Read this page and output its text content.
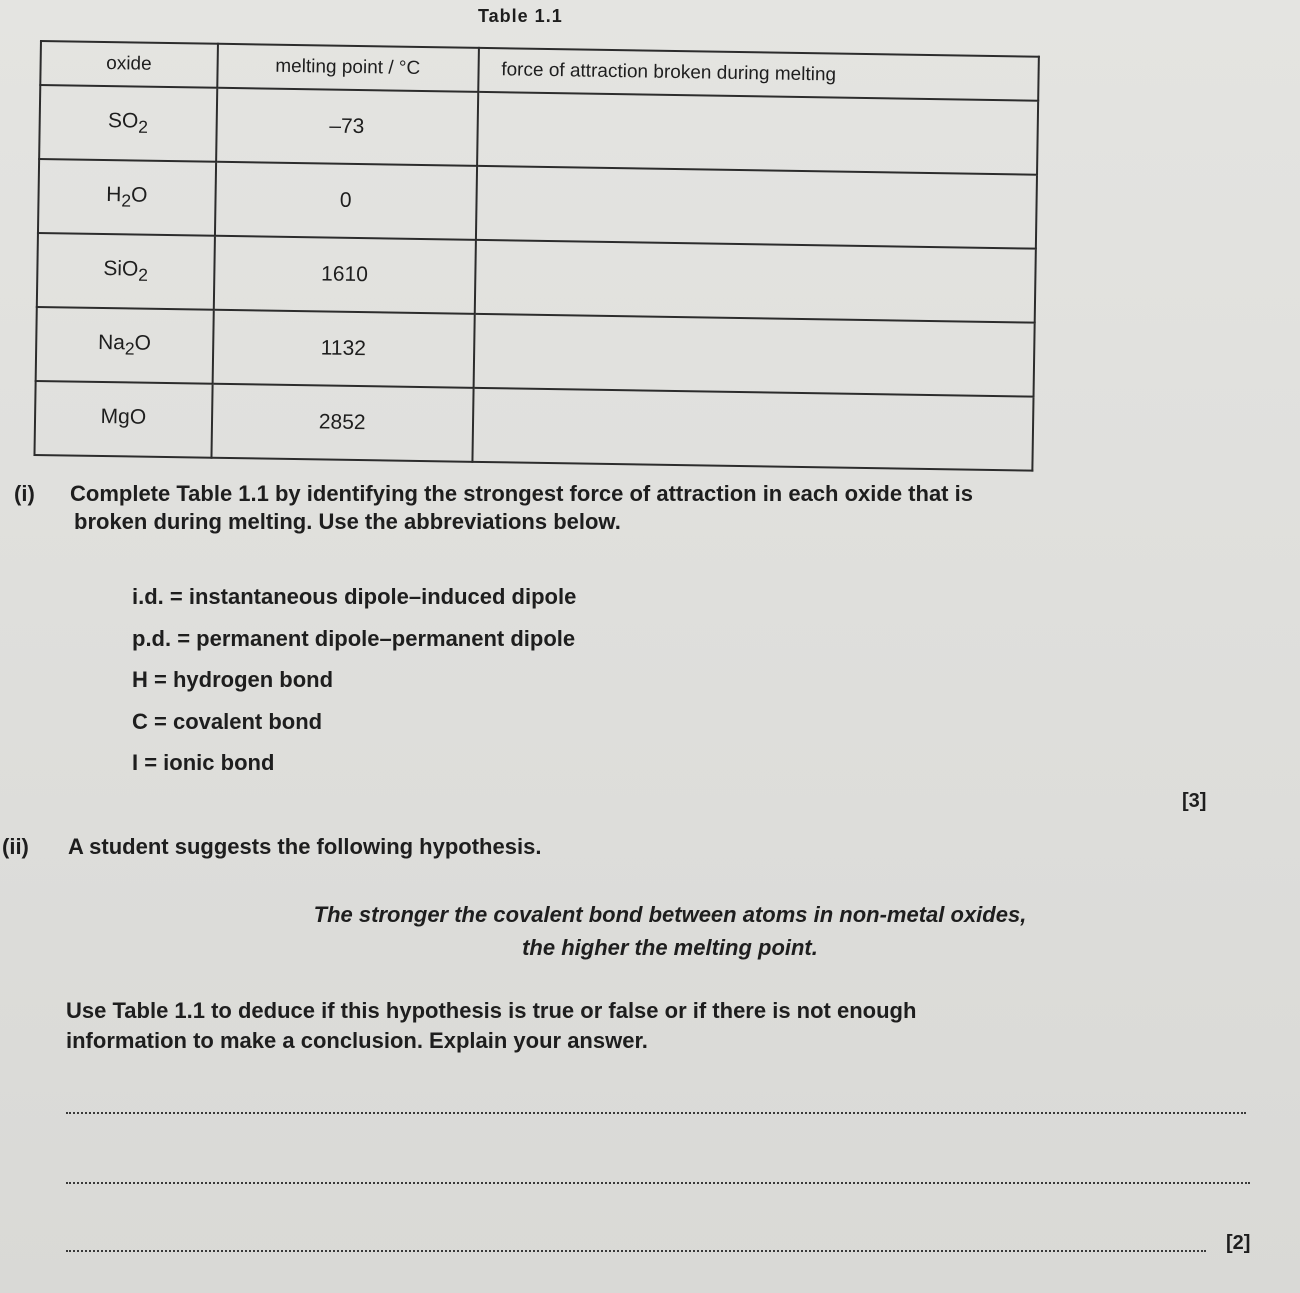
Table 1.1
oxide	melting point / °C	force of attraction broken during melting
$SO_2$	–73	
$H_2O$	0	
SiO$_2$	1610	
$Na_2O$	1132	
MgO	2852	
(i) Complete Table 1.1 by identifying the strongest force of attraction in each oxide that is
broken during melting. Use the abbreviations below.
i.d. = instantaneous dipole–induced dipole
p.d. = permanent dipole–permanent dipole
H = hydrogen bond
C = covalent bond
I = ionic bond
[3]
(ii) A student suggests the following hypothesis.
The stronger the covalent bond between atoms in non-metal oxides,
the higher the melting point.
Use Table 1.1 to deduce if this hypothesis is true or false or if there is not enough
information to make a conclusion. Explain your answer.
[2]
